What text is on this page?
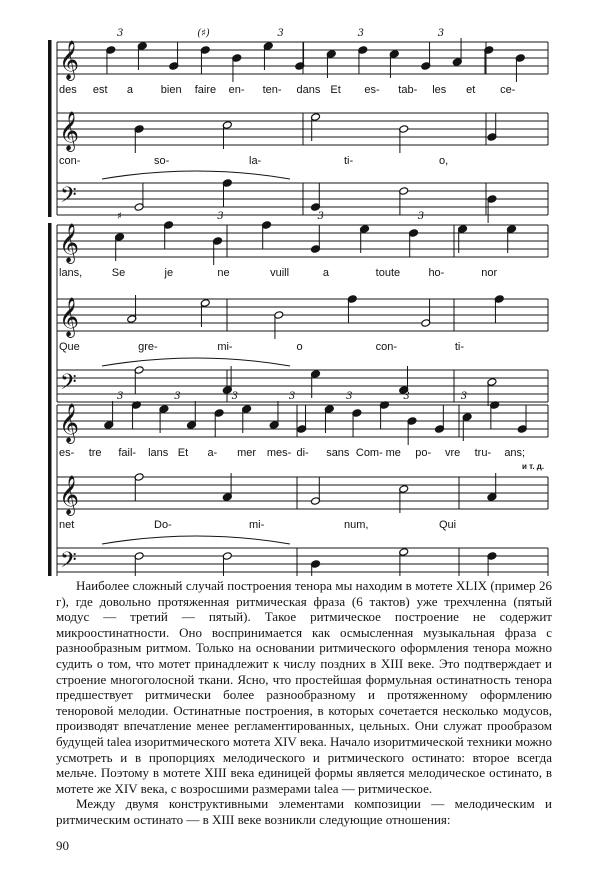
𝄞
𝄞
𝄢
3	(♯)	3	3	3
𝄞
𝄞
𝄢
♯	3	3	3
𝄞
𝄞
𝄢
3	3	3	3	3	3	3
des est a	bien faire en- ten- dans Et es- tab- les et ce-
con-	so-	la-	ti-	o,
lans,	Se	je	ne	vuill	a	toute	ho-	nor
Que	gre-	mi-	o	con-	ti-
es- tre fail- lans Et a- mer mes- di- sans Com- me po- vre tru- ans;
net	Do-	mi-	num,	Qui
и т. д.

Наиболее сложный случай построения тенора мы находим в мотете XLIX (пример 26 г), где довольно протяженная ритмическая фраза (6 тактов) уже трехчленна (пятый модус — третий — пятый). Такое ритмическое построение не содержит микроостинатности. Оно воспринимается как осмысленная музыкальная фраза с разнообразным ритмом. Только на основании ритмического оформления тенора можно судить о том, что мотет принадлежит к числу поздних в XIII веке. Это подтверждает и строение многоголосной ткани. Ясно, что простейшая формульная остинатность тенора предшествует ритмически более разнообразному и протяженному оформлению теноровой мелодии. Остинатные построения, в которых сочетается несколько модусов, производят впечатление менее регламентированных, цельных. Они служат прообразом будущей talea изоритмического мотета XIV века. Начало изоритмической техники можно усмотреть и в пропорциях мелодического и ритмического остинато: второе всегда мельче. Поэтому в мотете XIII века единицей формы является мелодическое остинато, в мотете же XIV века, с возросшими размерами talea — ритмическое.

Между двумя конструктивными элементами композиции — мелодическим и ритмическим остинато — в XIII веке возникли следующие отношения:

90
